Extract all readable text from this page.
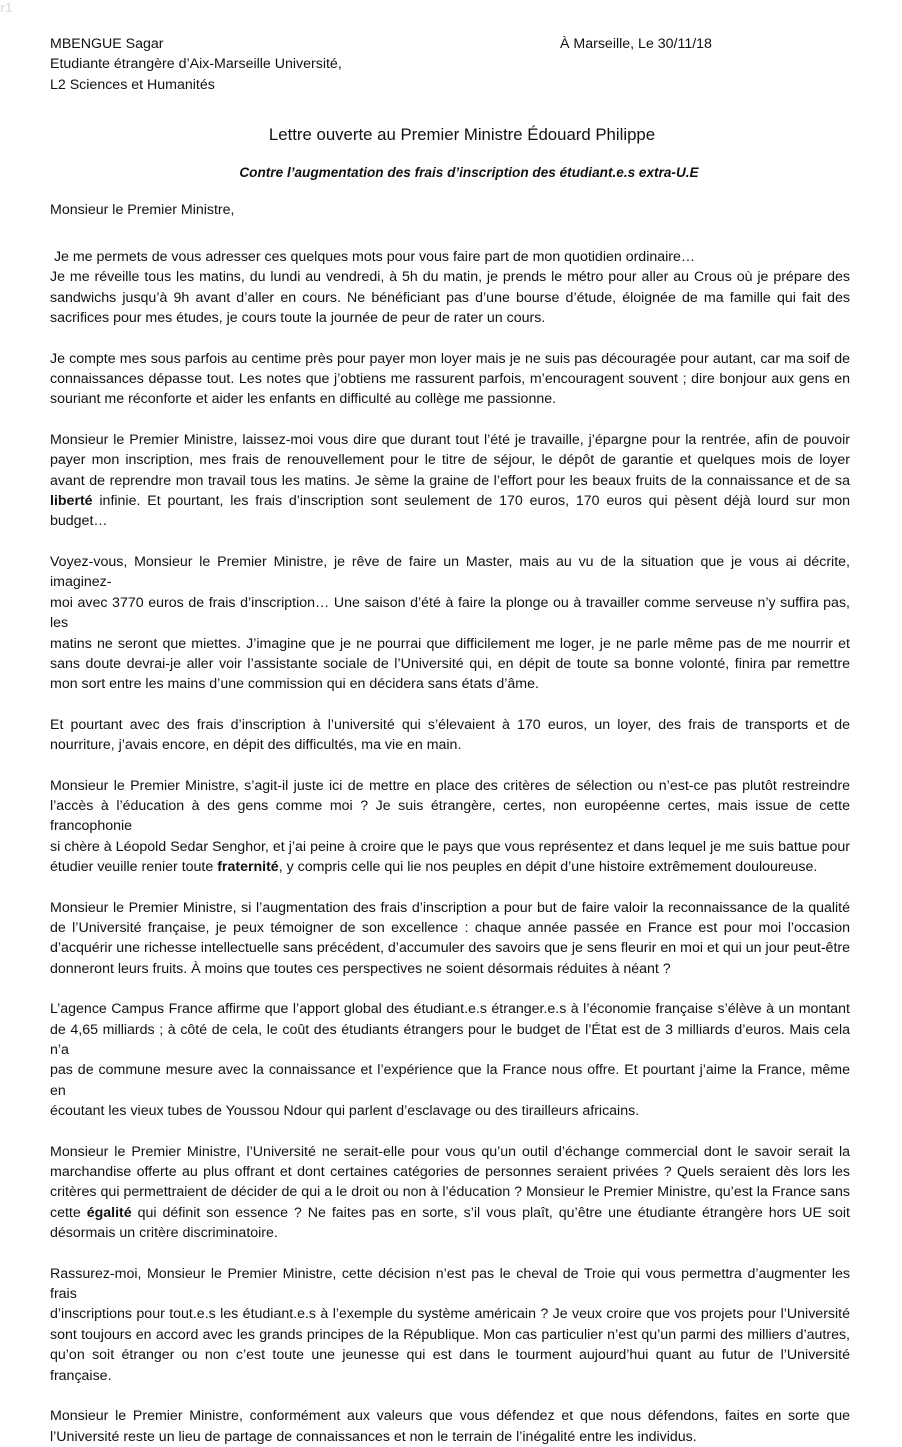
r1
MBENGUE Sagar	À Marseille, Le 30/11/18
Etudiante étrangère d’Aix-Marseille Université,
L2 Sciences et Humanités
Lettre ouverte au Premier Ministre Édouard Philippe
Contre l’augmentation des frais d’inscription des étudiant.e.s extra-U.E
Monsieur le Premier Ministre,
Je me permets de vous adresser ces quelques mots pour vous faire part de mon quotidien ordinaire…
Je me réveille tous les matins, du lundi au vendredi, à 5h du matin, je prends le métro pour aller au Crous où je prépare des
sandwichs jusqu’à 9h avant d’aller en cours. Ne bénéficiant pas d’une bourse d’étude, éloignée de ma famille qui fait des
sacrifices pour mes études, je cours toute la journée de peur de rater un cours.
Je compte mes sous parfois au centime près pour payer mon loyer mais je ne suis pas découragée pour autant, car ma soif de
connaissances dépasse tout. Les notes que j’obtiens me rassurent parfois, m’encouragent souvent ; dire bonjour aux gens en
souriant me réconforte et aider les enfants en difficulté au collège me passionne.
Monsieur le Premier Ministre, laissez-moi vous dire que durant tout l’été je travaille, j’épargne pour la rentrée, afin de pouvoir
payer mon inscription, mes frais de renouvellement pour le titre de séjour, le dépôt de garantie et quelques mois de loyer
avant de reprendre mon travail tous les matins. Je sème la graine de l’effort pour les beaux fruits de la connaissance et de sa
liberté infinie. Et pourtant, les frais d’inscription sont seulement de 170 euros, 170 euros qui pèsent déjà lourd sur mon
budget…
Voyez-vous, Monsieur le Premier Ministre, je rêve de faire un Master, mais au vu de la situation que je vous ai décrite, imaginez-
moi avec 3770 euros de frais d’inscription… Une saison d’été à faire la plonge ou à travailler comme serveuse n’y suffira pas, les
matins ne seront que miettes. J’imagine que je ne pourrai que difficilement me loger, je ne parle même pas de me nourrir et
sans doute devrai-je aller voir l’assistante sociale de l’Université qui, en dépit de toute sa bonne volonté, finira par remettre
mon sort entre les mains d’une commission qui en décidera sans états d’âme.
Et pourtant avec des frais d’inscription à l’université qui s’élevaient à 170 euros, un loyer, des frais de transports et de
nourriture, j’avais encore, en dépit des difficultés, ma vie en main.
Monsieur le Premier Ministre, s’agit-il juste ici de mettre en place des critères de sélection ou n’est-ce pas plutôt restreindre
l’accès à l’éducation à des gens comme moi ? Je suis étrangère, certes, non européenne certes, mais issue de cette francophonie
si chère à Léopold Sedar Senghor, et j’ai peine à croire que le pays que vous représentez et dans lequel je me suis battue pour
étudier veuille renier toute fraternité, y compris celle qui lie nos peuples en dépit d’une histoire extrêmement douloureuse.
Monsieur le Premier Ministre, si l’augmentation des frais d’inscription a pour but de faire valoir la reconnaissance de la qualité
de l’Université française, je peux témoigner de son excellence : chaque année passée en France est pour moi l’occasion
d’acquérir une richesse intellectuelle sans précédent, d’accumuler des savoirs que je sens fleurir en moi et qui un jour peut-être
donneront leurs fruits. À moins que toutes ces perspectives ne soient désormais réduites à néant ?
L’agence Campus France affirme que l’apport global des étudiant.e.s étranger.e.s à l’économie française s’élève à un montant
de 4,65 milliards ; à côté de cela, le coût des étudiants étrangers pour le budget de l’État est de 3 milliards d’euros. Mais cela n’a
pas de commune mesure avec la connaissance et l’expérience que la France nous offre. Et pourtant j’aime la France, même en
écoutant les vieux tubes de Youssou Ndour qui parlent d’esclavage ou des tirailleurs africains.
Monsieur le Premier Ministre, l’Université ne serait-elle pour vous qu’un outil d’échange commercial dont le savoir serait la
marchandise offerte au plus offrant et dont certaines catégories de personnes seraient privées ? Quels seraient dès lors les
critères qui permettraient de décider de qui a le droit ou non à l’éducation ? Monsieur le Premier Ministre, qu’est la France sans
cette égalité qui définit son essence ? Ne faites pas en sorte, s’il vous plaît, qu’être une étudiante étrangère hors UE soit
désormais un critère discriminatoire.
Rassurez-moi, Monsieur le Premier Ministre, cette décision n’est pas le cheval de Troie qui vous permettra d’augmenter les frais
d’inscriptions pour tout.e.s les étudiant.e.s à l’exemple du système américain ? Je veux croire que vos projets pour l’Université
sont toujours en accord avec les grands principes de la République. Mon cas particulier n’est qu’un parmi des milliers d’autres,
qu’on soit étranger ou non c’est toute une jeunesse qui est dans le tourment aujourd’hui quant au futur de l’Université
française.
Monsieur le Premier Ministre, conformément aux valeurs que vous défendez et que nous défendons, faites en sorte que
l’Université reste un lieu de partage de connaissances et non le terrain de l’inégalité entre les individus.
